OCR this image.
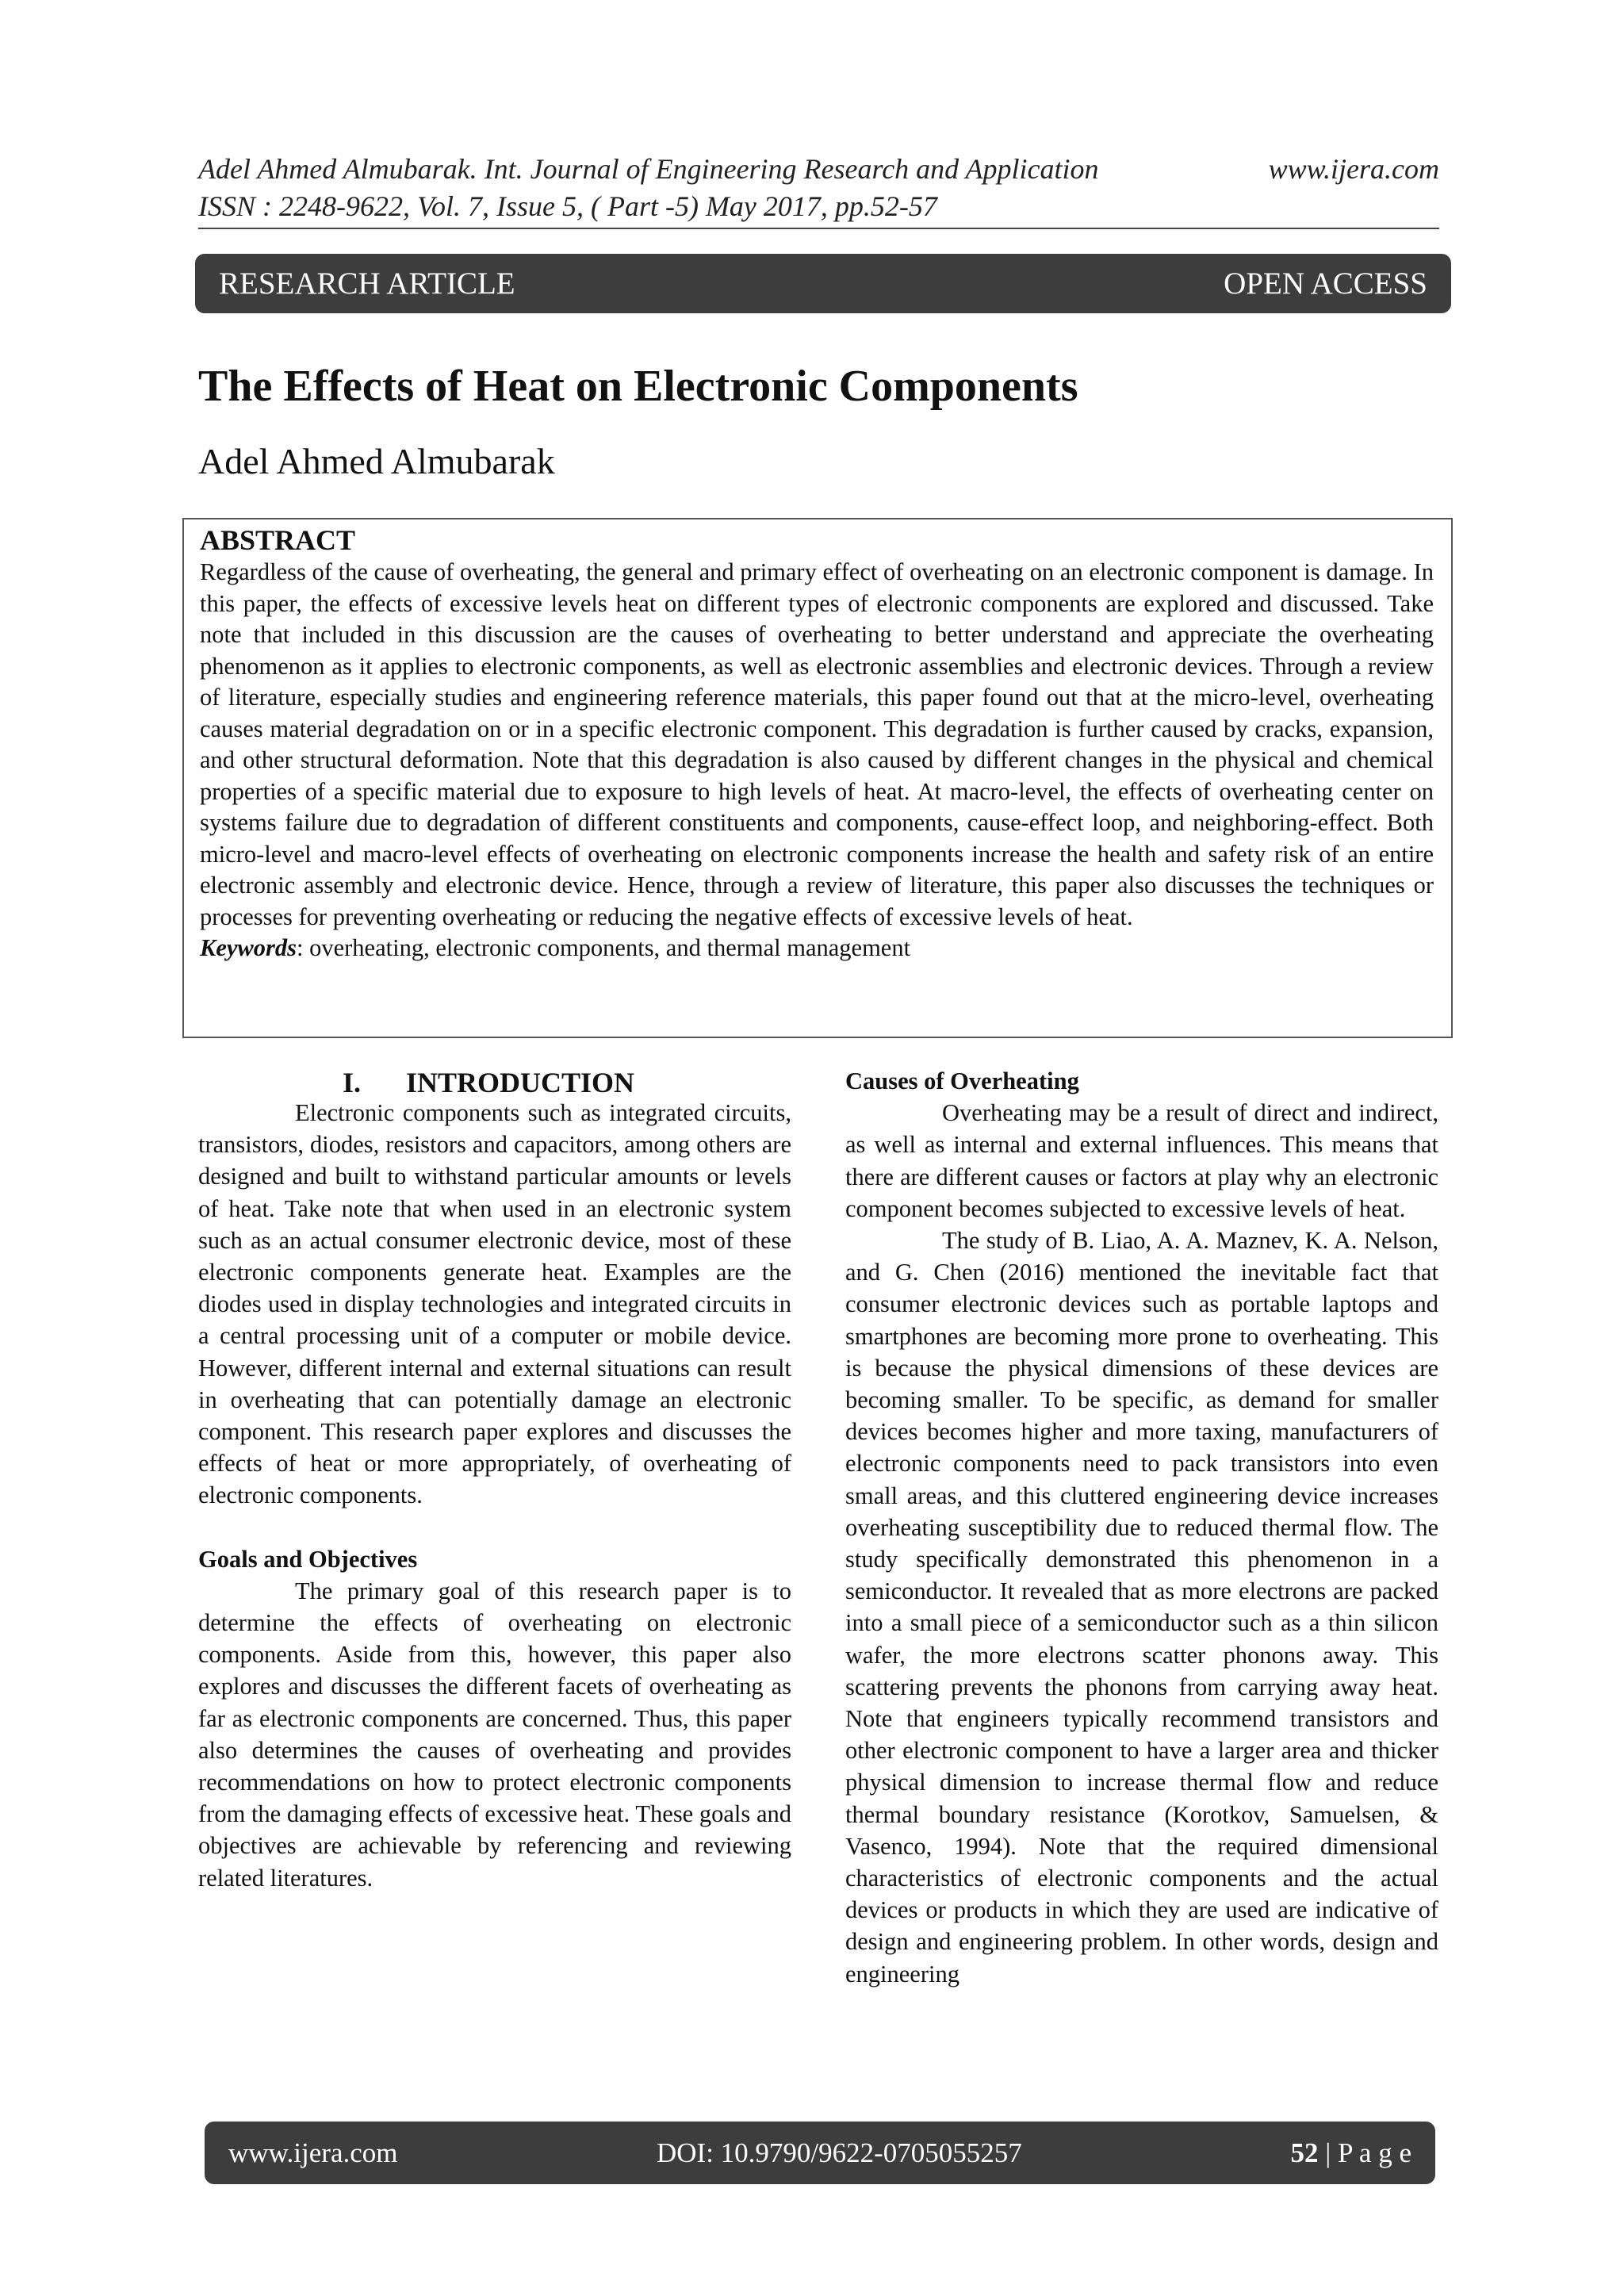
Adel Ahmed Almubarak. Int. Journal of Engineering Research and Application	www.ijera.com
ISSN : 2248-9622, Vol. 7, Issue 5, ( Part -5) May 2017, pp.52-57
RESEARCH ARTICLE	OPEN ACCESS
The Effects of Heat on Electronic Components
Adel Ahmed Almubarak
ABSTRACT

Regardless of the cause of overheating, the general and primary effect of overheating on an electronic component is damage. In this paper, the effects of excessive levels heat on different types of electronic components are explored and discussed. Take note that included in this discussion are the causes of overheating to better understand and appreciate the overheating phenomenon as it applies to electronic components, as well as electronic assemblies and electronic devices. Through a review of literature, especially studies and engineering reference materials, this paper found out that at the micro-level, overheating causes material degradation on or in a specific electronic component. This degradation is further caused by cracks, expansion, and other structural deformation. Note that this degradation is also caused by different changes in the physical and chemical properties of a specific material due to exposure to high levels of heat. At macro-level, the effects of overheating center on systems failure due to degradation of different constituents and components, cause-effect loop, and neighboring-effect. Both micro-level and macro-level effects of overheating on electronic components increase the health and safety risk of an entire electronic assembly and electronic device. Hence, through a review of literature, this paper also discusses the techniques or processes for preventing overheating or reducing the negative effects of excessive levels of heat.

Keywords: overheating, electronic components, and thermal management
I. INTRODUCTION

Electronic components such as integrated circuits, transistors, diodes, resistors and capacitors, among others are designed and built to withstand particular amounts or levels of heat. Take note that when used in an electronic system such as an actual consumer electronic device, most of these electronic components generate heat. Examples are the diodes used in display technologies and integrated circuits in a central processing unit of a computer or mobile device. However, different internal and external situations can result in overheating that can potentially damage an electronic component. This research paper explores and discusses the effects of heat or more appropriately, of overheating of electronic components.

Goals and Objectives

The primary goal of this research paper is to determine the effects of overheating on electronic components. Aside from this, however, this paper also explores and discusses the different facets of overheating as far as electronic components are concerned. Thus, this paper also determines the causes of overheating and provides recommendations on how to protect electronic components from the damaging effects of excessive heat. These goals and objectives are achievable by referencing and reviewing related literatures.

Causes of Overheating

Overheating may be a result of direct and indirect, as well as internal and external influences. This means that there are different causes or factors at play why an electronic component becomes subjected to excessive levels of heat.

The study of B. Liao, A. A. Maznev, K. A. Nelson, and G. Chen (2016) mentioned the inevitable fact that consumer electronic devices such as portable laptops and smartphones are becoming more prone to overheating. This is because the physical dimensions of these devices are becoming smaller. To be specific, as demand for smaller devices becomes higher and more taxing, manufacturers of electronic components need to pack transistors into even small areas, and this cluttered engineering device increases overheating susceptibility due to reduced thermal flow. The study specifically demonstrated this phenomenon in a semiconductor. It revealed that as more electrons are packed into a small piece of a semiconductor such as a thin silicon wafer, the more electrons scatter phonons away. This scattering prevents the phonons from carrying away heat. Note that engineers typically recommend transistors and other electronic component to have a larger area and thicker physical dimension to increase thermal flow and reduce thermal boundary resistance (Korotkov, Samuelsen, & Vasenco, 1994). Note that the required dimensional characteristics of electronic components and the actual devices or products in which they are used are indicative of design and engineering problem. In other words, design and engineering

www.ijera.com	DOI: 10.9790/9622-0705055257	52 | P a g e
